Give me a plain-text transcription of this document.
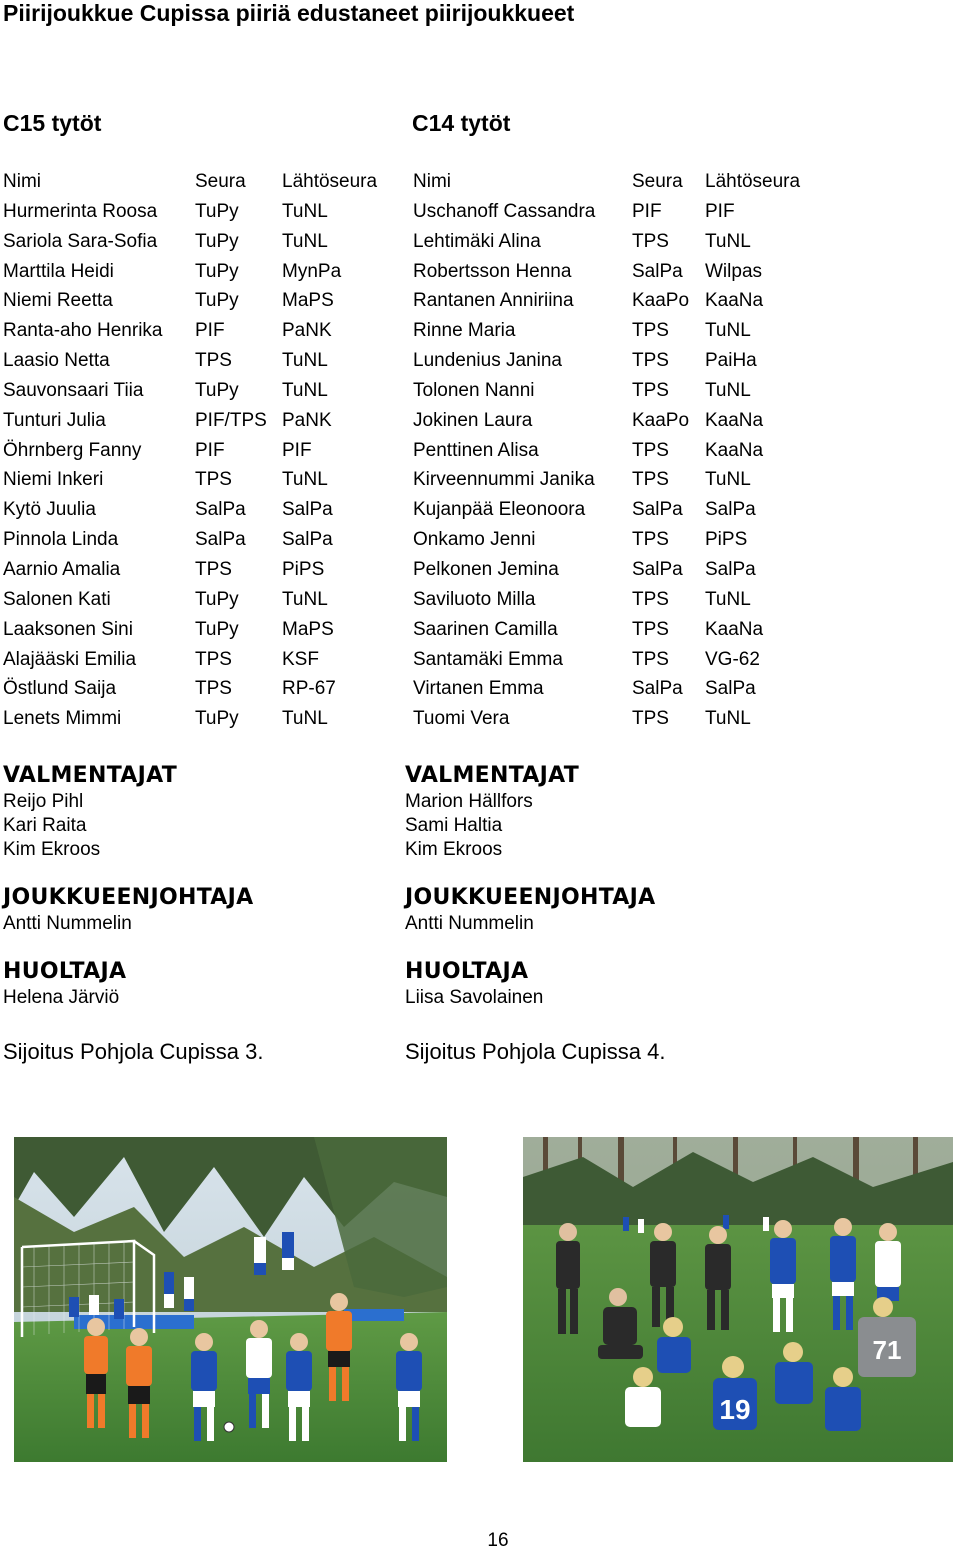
Piirijoukkue Cupissa piiriä edustaneet piirijoukkueet
C15 tytöt	C14 tytöt
Nimi	Seura Lähtöseura
Hurmerinta Roosa TuPy TuNL
Sariola Sara-Sofia TuPy TuNL
Marttila Heidi	TuPy MynPa
Niemi Reetta	TuPy MaPS
Ranta-aho Henrika PIF	PaNK
Laasio Netta	TPS	TuNL
Sauvonsaari Tiia	TuPy TuNL
Tunturi Julia	PIF/TPS PaNK
Öhrnberg Fanny	PIF	PIF
Niemi Inkeri	TPS	TuNL
Kytö Juulia	SalPa SalPa
Pinnola Linda	SalPa SalPa
Aarnio Amalia	TPS	PiPS
Salonen Kati	TuPy TuNL
Laaksonen Sini	TuPy MaPS
Alajääski Emilia	TPS	KSF
Östlund Saija	TPS	RP-67
Lenets Mimmi	TuPy TuNL
Nimi	Seura Lähtöseura
Uschanoff Cassandra PIF PIF
Lehtimäki Alina	TPS TuNL
Robertsson Henna	SalPa Wilpas
Rantanen Anniriina	KaaPo KaaNa
Rinne Maria	TPS TuNL
Lundenius Janina	TPS PaiHa
Tolonen Nanni	TPS TuNL
Jokinen Laura	KaaPo KaaNa
Penttinen Alisa	TPS KaaNa
Kirveennummi Janika TPS TuNL
Kujanpää Eleonoora SalPa SalPa
Onkamo Jenni	TPS PiPS
Pelkonen Jemina	SalPa SalPa
Saviluoto Milla	TPS TuNL
Saarinen Camilla	TPS KaaNa
Santamäki Emma	TPS VG-62
Virtanen Emma	SalPa SalPa
Tuomi Vera	TPS TuNL
VALMENTAJAT
Reijo Pihl
Kari Raita
Kim Ekroos
JOUKKUEENJOHTAJA
Antti Nummelin
HUOLTAJA
Helena Järviö
Sijoitus Pohjola Cupissa 3.
VALMENTAJAT
Marion Hällfors
Sami Haltia
Kim Ekroos
JOUKKUEENJOHTAJA
Antti Nummelin
HUOLTAJA
Liisa Savolainen
Sijoitus Pohjola Cupissa 4.
71
19
16
